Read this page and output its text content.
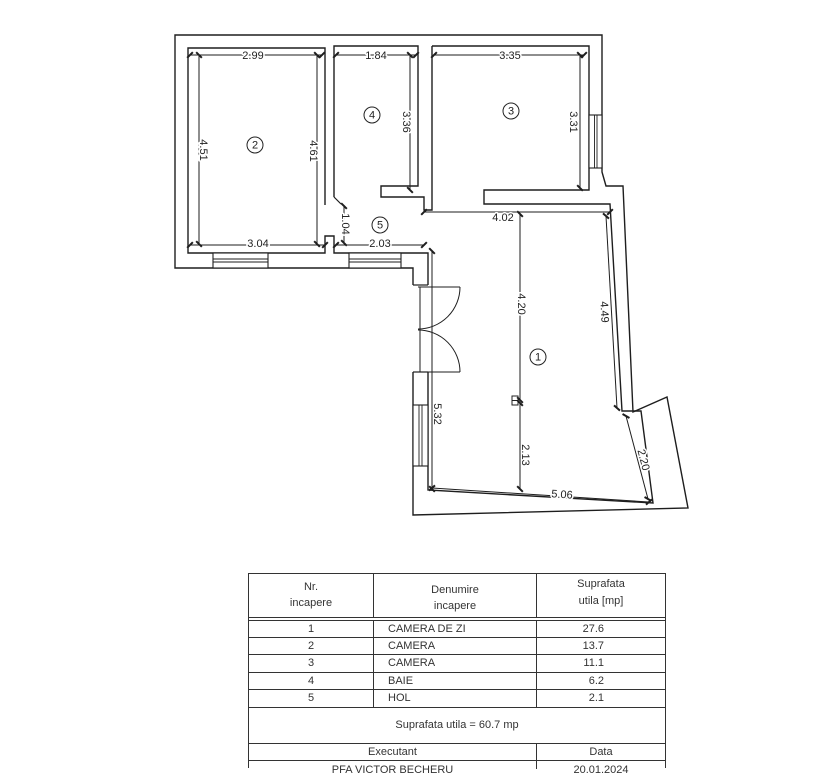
2.99	1.84	3.35
4.51	4.61
3.36	3.31
3.04	2.03
1.04	4.02
4.20
2.13
4.49
5.32
2.20
5.06
2
4	3
5
1
Nr.
incapere
Denumire
incapere
Suprafata
utila [mp]
1	CAMERA DE ZI	27.6
2	CAMERA	13.7
3	CAMERA	11.1
4	BAIE	6.2
5	HOL	2.1
Suprafata utila = 60.7 mp
Executant	Data
PFA VICTOR BECHERU	20.01.2024
